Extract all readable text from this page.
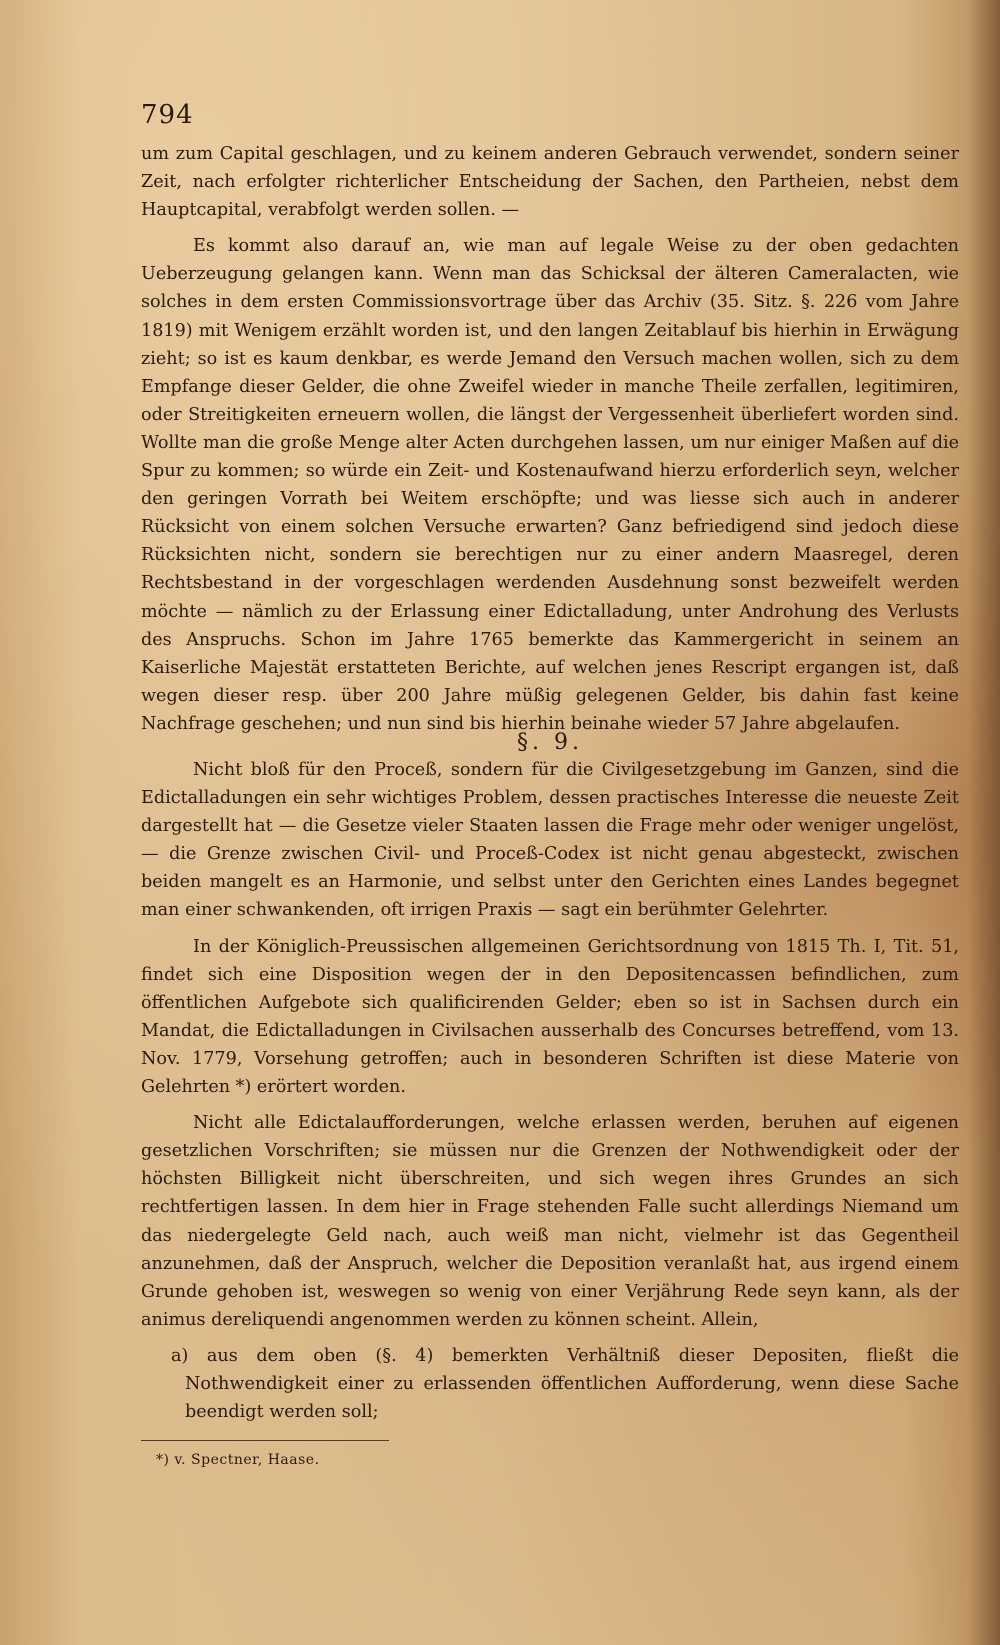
794

um zum Capital geschlagen, und zu keinem anderen Gebrauch verwendet, sondern seiner Zeit, nach erfolgter richterlicher Entscheidung der Sachen, den Partheien, nebst dem Hauptcapital, verabfolgt werden sollen. —

Es kommt also darauf an, wie man auf legale Weise zu der oben gedachten Ueberzeugung gelangen kann. Wenn man das Schicksal der älteren Cameralacten, wie solches in dem ersten Commissionsvortrage über das Archiv (35. Sitz. §. 226 vom Jahre 1819) mit Wenigem erzählt worden ist, und den langen Zeitablauf bis hierhin in Erwägung zieht; so ist es kaum denkbar, es werde Jemand den Versuch machen wollen, sich zu dem Empfange dieser Gelder, die ohne Zweifel wieder in manche Theile zerfallen, legitimiren, oder Streitigkeiten erneuern wollen, die längst der Vergessenheit überliefert worden sind. Wollte man die große Menge alter Acten durchgehen lassen, um nur einiger Maßen auf die Spur zu kommen; so würde ein Zeit- und Kostenaufwand hierzu erforderlich seyn, welcher den geringen Vorrath bei Weitem erschöpfte; und was liesse sich auch in anderer Rücksicht von einem solchen Versuche erwarten? Ganz befriedigend sind jedoch diese Rücksichten nicht, sondern sie berechtigen nur zu einer andern Maasregel, deren Rechtsbestand in der vorgeschlagen werdenden Ausdehnung sonst bezweifelt werden möchte — nämlich zu der Erlassung einer Edictalladung, unter Androhung des Verlusts des Anspruchs. Schon im Jahre 1765 bemerkte das Kammergericht in seinem an Kaiserliche Majestät erstatteten Berichte, auf welchen jenes Rescript ergangen ist, daß wegen dieser resp. über 200 Jahre müßig gelegenen Gelder, bis dahin fast keine Nachfrage geschehen; und nun sind bis hierhin beinahe wieder 57 Jahre abgelaufen.

§. 9.

Nicht bloß für den Proceß, sondern für die Civilgesetzgebung im Ganzen, sind die Edictalladungen ein sehr wichtiges Problem, dessen practisches Interesse die neueste Zeit dargestellt hat — die Gesetze vieler Staaten lassen die Frage mehr oder weniger ungelöst, — die Grenze zwischen Civil- und Proceß-Codex ist nicht genau abgesteckt, zwischen beiden mangelt es an Harmonie, und selbst unter den Gerichten eines Landes begegnet man einer schwankenden, oft irrigen Praxis — sagt ein berühmter Gelehrter.

In der Königlich-Preussischen allgemeinen Gerichtsordnung von 1815 Th. I, Tit. 51, findet sich eine Disposition wegen der in den Depositencassen befindlichen, zum öffentlichen Aufgebote sich qualificirenden Gelder; eben so ist in Sachsen durch ein Mandat, die Edictalladungen in Civilsachen ausserhalb des Concurses betreffend, vom 13. Nov. 1779, Vorsehung getroffen; auch in besonderen Schriften ist diese Materie von Gelehrten *) erörtert worden.

Nicht alle Edictalaufforderungen, welche erlassen werden, beruhen auf eigenen gesetzlichen Vorschriften; sie müssen nur die Grenzen der Nothwendigkeit oder der höchsten Billigkeit nicht überschreiten, und sich wegen ihres Grundes an sich rechtfertigen lassen. In dem hier in Frage stehenden Falle sucht allerdings Niemand um das niedergelegte Geld nach, auch weiß man nicht, vielmehr ist das Gegentheil anzunehmen, daß der Anspruch, welcher die Deposition veranlaßt hat, aus irgend einem Grunde gehoben ist, weswegen so wenig von einer Verjährung Rede seyn kann, als der animus dereliquendi angenommen werden zu können scheint. Allein,

a) aus dem oben (§. 4) bemerkten Verhältniß dieser Depositen, fließt die Nothwendigkeit einer zu erlassenden öffentlichen Aufforderung, wenn diese Sache beendigt werden soll;

*) v. Spectner, Haase.
